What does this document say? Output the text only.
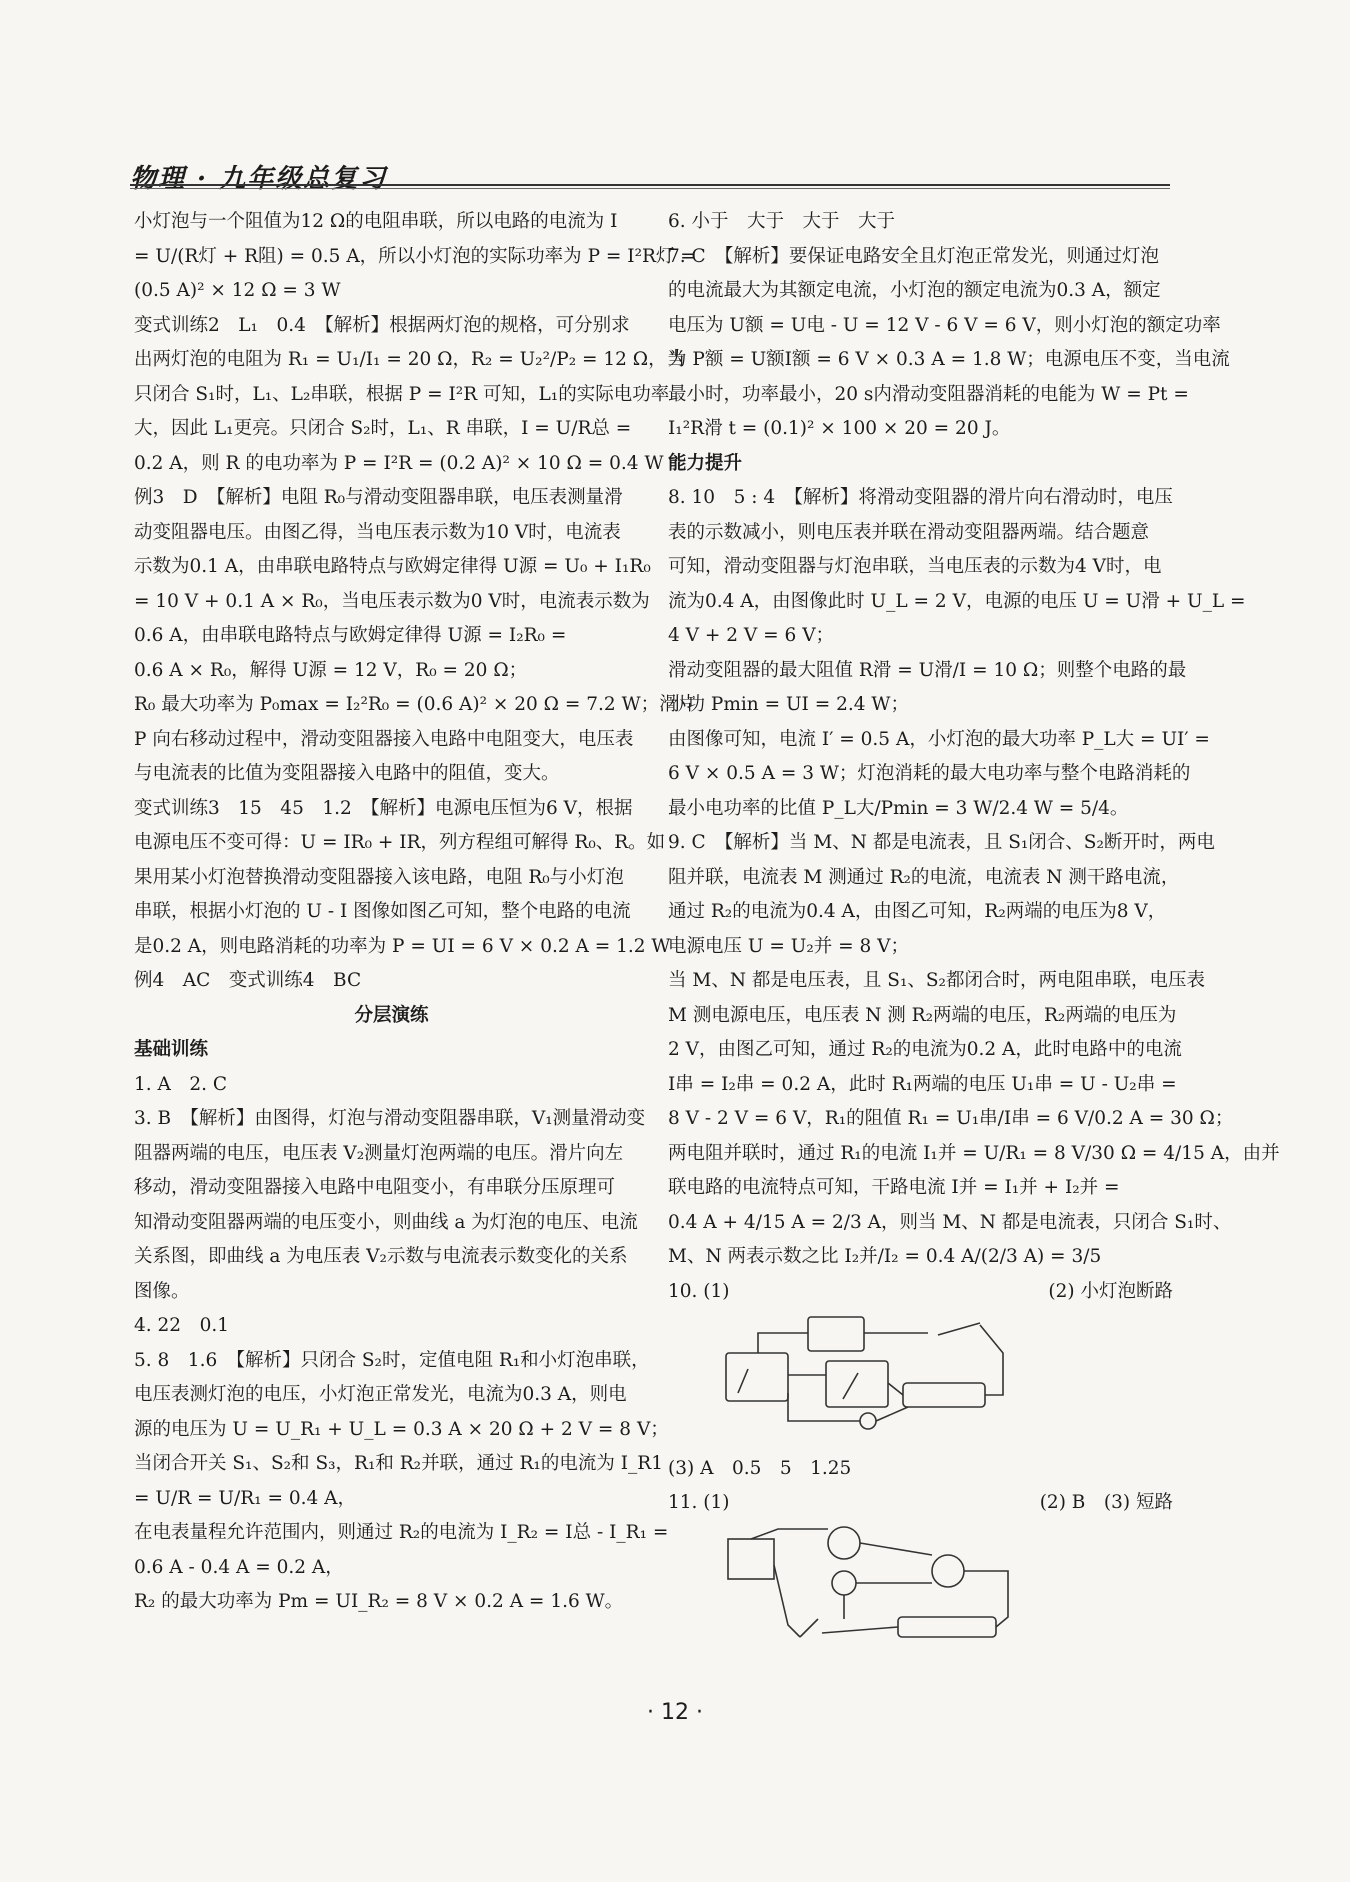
物理 · 九年级总复习

小灯泡与一个阻值为12 Ω的电阻串联，所以电路的电流为 I

= U/(R灯 + R阻) = 0.5 A，所以小灯泡的实际功率为 P = I²R灯 =

(0.5 A)² × 12 Ω = 3 W

变式训练2　L₁　0.4　【解析】根据两灯泡的规格，可分别求

出两灯泡的电阻为 R₁ = U₁/I₁ = 20 Ω，R₂ = U₂²/P₂ = 12 Ω，当

只闭合 S₁时，L₁、L₂串联，根据 P = I²R 可知，L₁的实际电功率

大，因此 L₁更亮。只闭合 S₂时，L₁、R 串联，I = U/R总 =

0.2 A，则 R 的电功率为 P = I²R = (0.2 A)² × 10 Ω = 0.4 W

例3　D　【解析】电阻 R₀与滑动变阻器串联，电压表测量滑

动变阻器电压。由图乙得，当电压表示数为10 V时，电流表

示数为0.1 A，由串联电路特点与欧姆定律得 U源 = U₀ + I₁R₀

= 10 V + 0.1 A × R₀，当电压表示数为0 V时，电流表示数为

0.6 A，由串联电路特点与欧姆定律得 U源 = I₂R₀ =

0.6 A × R₀，解得 U源 = 12 V，R₀ = 20 Ω；

R₀ 最大功率为 P₀max = I₂²R₀ = (0.6 A)² × 20 Ω = 7.2 W；滑片

P 向右移动过程中，滑动变阻器接入电路中电阻变大，电压表

与电流表的比值为变阻器接入电路中的阻值，变大。

变式训练3　15　45　1.2　【解析】电源电压恒为6 V，根据

电源电压不变可得：U = IR₀ + IR，列方程组可解得 R₀、R。如

果用某小灯泡替换滑动变阻器接入该电路，电阻 R₀与小灯泡

串联，根据小灯泡的 U - I 图像如图乙可知，整个电路的电流

是0.2 A，则电路消耗的功率为 P = UI = 6 V × 0.2 A = 1.2 W

例4　AC　变式训练4　BC

分层演练

基础训练

1. A　2. C

3. B　【解析】由图得，灯泡与滑动变阻器串联，V₁测量滑动变

阻器两端的电压，电压表 V₂测量灯泡两端的电压。滑片向左

移动，滑动变阻器接入电路中电阻变小，有串联分压原理可

知滑动变阻器两端的电压变小，则曲线 a 为灯泡的电压、电流

关系图，即曲线 a 为电压表 V₂示数与电流表示数变化的关系

图像。

4. 22　0.1

5. 8　1.6　【解析】只闭合 S₂时，定值电阻 R₁和小灯泡串联，

电压表测灯泡的电压，小灯泡正常发光，电流为0.3 A，则电

源的电压为 U = U_R₁ + U_L = 0.3 A × 20 Ω + 2 V = 8 V；

当闭合开关 S₁、S₂和 S₃，R₁和 R₂并联，通过 R₁的电流为 I_R1

= U/R = U/R₁ = 0.4 A，

在电表量程允许范围内，则通过 R₂的电流为 I_R₂ = I总 - I_R₁ =

0.6 A - 0.4 A = 0.2 A，

R₂ 的最大功率为 Pm = UI_R₂ = 8 V × 0.2 A = 1.6 W。

6. 小于　大于　大于　大于

7. C　【解析】要保证电路安全且灯泡正常发光，则通过灯泡

的电流最大为其额定电流，小灯泡的额定电流为0.3 A，额定

电压为 U额 = U电 - U = 12 V - 6 V = 6 V，则小灯泡的额定功率

为 P额 = U额I额 = 6 V × 0.3 A = 1.8 W；电源电压不变，当电流

最小时，功率最小，20 s内滑动变阻器消耗的电能为 W = Pt =

I₁²R滑 t = (0.1)² × 100 × 20 = 20 J。

能力提升

8. 10　5 : 4　【解析】将滑动变阻器的滑片向右滑动时，电压

表的示数减小，则电压表并联在滑动变阻器两端。结合题意

可知，滑动变阻器与灯泡串联，当电压表的示数为4 V时，电

流为0.4 A，由图像此时 U_L = 2 V，电源的电压 U = U滑 + U_L =

4 V + 2 V = 6 V；

滑动变阻器的最大阻值 R滑 = U滑/I = 10 Ω；则整个电路的最

小功 Pmin = UI = 2.4 W；

由图像可知，电流 I′ = 0.5 A，小灯泡的最大功率 P_L大 = UI′ =

6 V × 0.5 A = 3 W；灯泡消耗的最大电功率与整个电路消耗的

最小电功率的比值 P_L大/Pmin = 3 W/2.4 W = 5/4。

9. C　【解析】当 M、N 都是电流表，且 S₁闭合、S₂断开时，两电

阻并联，电流表 M 测通过 R₂的电流，电流表 N 测干路电流，

通过 R₂的电流为0.4 A，由图乙可知，R₂两端的电压为8 V，

电源电压 U = U₂并 = 8 V；

当 M、N 都是电压表，且 S₁、S₂都闭合时，两电阻串联，电压表

M 测电源电压，电压表 N 测 R₂两端的电压，R₂两端的电压为

2 V，由图乙可知，通过 R₂的电流为0.2 A，此时电路中的电流

I串 = I₂串 = 0.2 A，此时 R₁两端的电压 U₁串 = U - U₂串 =

8 V - 2 V = 6 V，R₁的阻值 R₁ = U₁串/I串 = 6 V/0.2 A = 30 Ω；

两电阻并联时，通过 R₁的电流 I₁并 = U/R₁ = 8 V/30 Ω = 4/15 A，由并

联电路的电流特点可知，干路电流 I并 = I₁并 + I₂并 =

0.4 A + 4/15 A = 2/3 A，则当 M、N 都是电流表，只闭合 S₁时、

M、N 两表示数之比 I₂并/I₂ = 0.4 A/(2/3 A) = 3/5

10. (1)	(2) 小灯泡断路

(3) A　0.5　5　1.25

11. (1)	(2) B　(3) 短路
· 12 ·
